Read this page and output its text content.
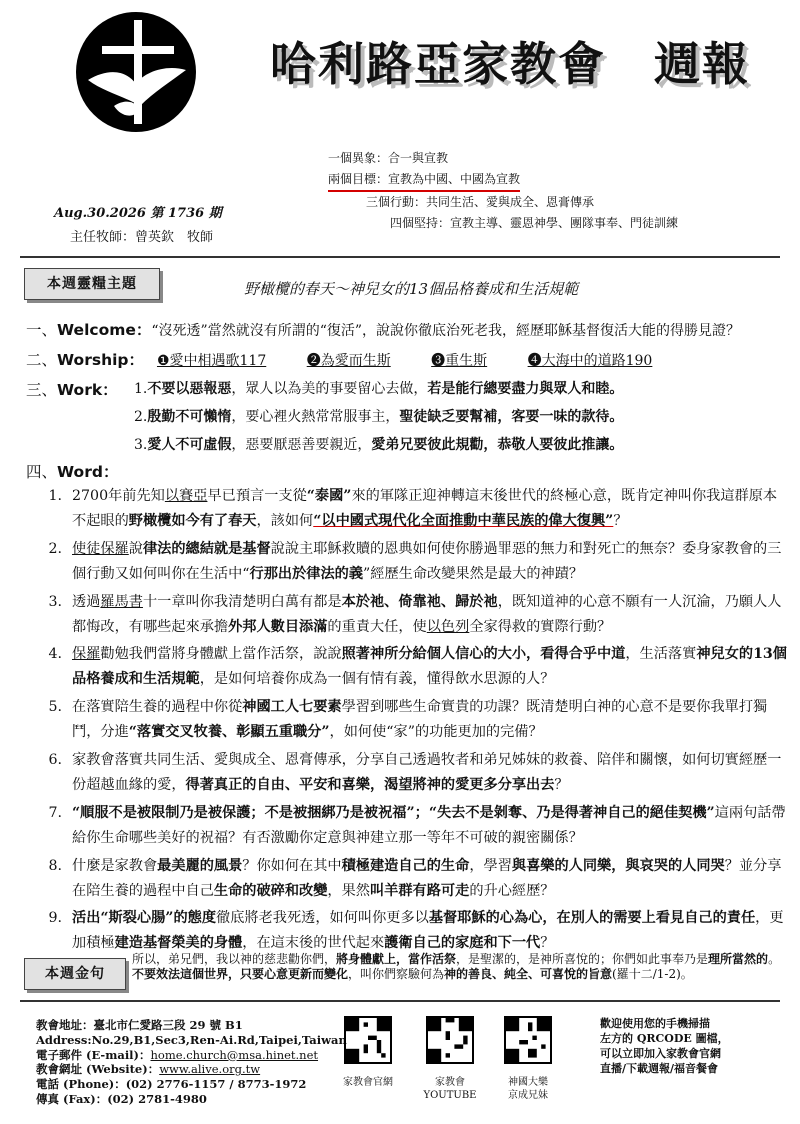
哈利路亞家教會　週報
一個異象：合一與宣教
兩個目標：宣教為中國、中國為宣教
三個行動：共同生活、愛與成全、恩膏傳承
四個堅持：宣教主導、靈恩神學、團隊事奉、門徒訓練
Aug.30.2026 第 1736 期
主任牧師：曾英欽　牧師
本週靈糧主題	野橄欖的春天～神兒女的13個品格養成和生活規範
一、Welcome：“沒死透”當然就沒有所謂的“復活”，說說你徹底治死老我，經歷耶穌基督復活大能的得勝見證？
二、Worship： ❶愛中相遇歌117	❷為愛而生斯	❸重生斯	❹大海中的道路190
三、Work： 1.不要以惡報惡，眾人以為美的事要留心去做，若是能行總要盡力與眾人和睦。
2.殷勤不可懶惰，要心裡火熱常常服事主，聖徒缺乏要幫補，客要一味的款待。
3.愛人不可虛假，惡要厭惡善要親近，愛弟兄要彼此規勸，恭敬人要彼此推讓。
四、Word：
1. 2700年前先知以賽亞早已預言一支從“泰國”來的軍隊正迎神轉這末後世代的終極心意，既肯定神叫你我這群原本不起眼的野橄欖如今有了春天，該如何“以中國式現代化全面推動中華民族的偉大復興”？
2. 使徒保羅說律法的總結就是基督說說主耶穌救贖的恩典如何使你勝過罪惡的無力和對死亡的無奈？委身家教會的三個行動又如何叫你在生活中“行那出於律法的義”經歷生命改變果然是最大的神蹟？
3. 透過羅馬書十一章叫你我清楚明白萬有都是本於祂、倚靠祂、歸於祂，既知道神的心意不願有一人沉淪，乃願人人都悔改，有哪些起來承擔外邦人數目添滿的重責大任，使以色列全家得救的實際行動？
4. 保羅勸勉我們當將身體獻上當作活祭，說說照著神所分給個人信心的大小，看得合乎中道，生活落實神兒女的13個品格養成和生活規範，是如何培養你成為一個有情有義，懂得飲水思源的人？
5. 在落實陪生養的過程中你從神國工人七要素學習到哪些生命實貴的功課？既清楚明白神的心意不是要你我單打獨鬥，分進“落實交叉牧養、彰顯五重職分”，如何使“家”的功能更加的完備？
6. 家教會落實共同生活、愛與成全、恩膏傳承，分享自己透過牧者和弟兄姊妹的救養、陪伴和關懷，如何切實經歷一份超越血緣的愛，得著真正的自由、平安和喜樂，渴望將神的愛更多分享出去？
7. “順服不是被限制乃是被保護；不是被捆綁乃是被祝福”；“失去不是剝奪、乃是得著神自己的絕佳契機”這兩句話帶給你生命哪些美好的祝福？有否激勵你定意與神建立那一等年不可破的親密關係？
8. 什麼是家教會最美麗的風景？你如何在其中積極建造自己的生命，學習與喜樂的人同樂，與哀哭的人同哭？並分享在陪生養的過程中自己生命的破碎和改變，果然叫羊群有路可走的升心經歷？
9. 活出“斯裂心腸”的態度徹底將老我死透，如何叫你更多以基督耶穌的心為心，在別人的需要上看見自己的責任，更加積極建造基督榮美的身體，在這末後的世代起來護衛自己的家庭和下一代？
本週金句
所以，弟兄們，我以神的慈悲勸你們，將身體獻上，當作活祭，是聖潔的，是神所喜悅的；你們如此事奉乃是理所當然的。不要效法這個世界，只要心意更新而變化，叫你們察驗何為神的善良、純全、可喜悅的旨意(羅十二/1-2)。
教會地址：臺北市仁愛路三段 29 號 B1
Address:No.29,B1,Sec3,Ren-Ai.Rd,Taipei,Taiwan
電子郵件 (E-mail)：home.church@msa.hinet.net
教會網址 (Website)：www.alive.org.tw
電話 (Phone)：(02) 2776-1157 / 8773-1972
傳真 (Fax)：(02) 2781-4980
家教會官網	家教會
YOUTUBE
神國大樂
京成兄妹
歡迎使用您的手機掃描
左方的 QRCODE 圖檔，
可以立即加入家教會官網
直播/下載週報/福音餐會
